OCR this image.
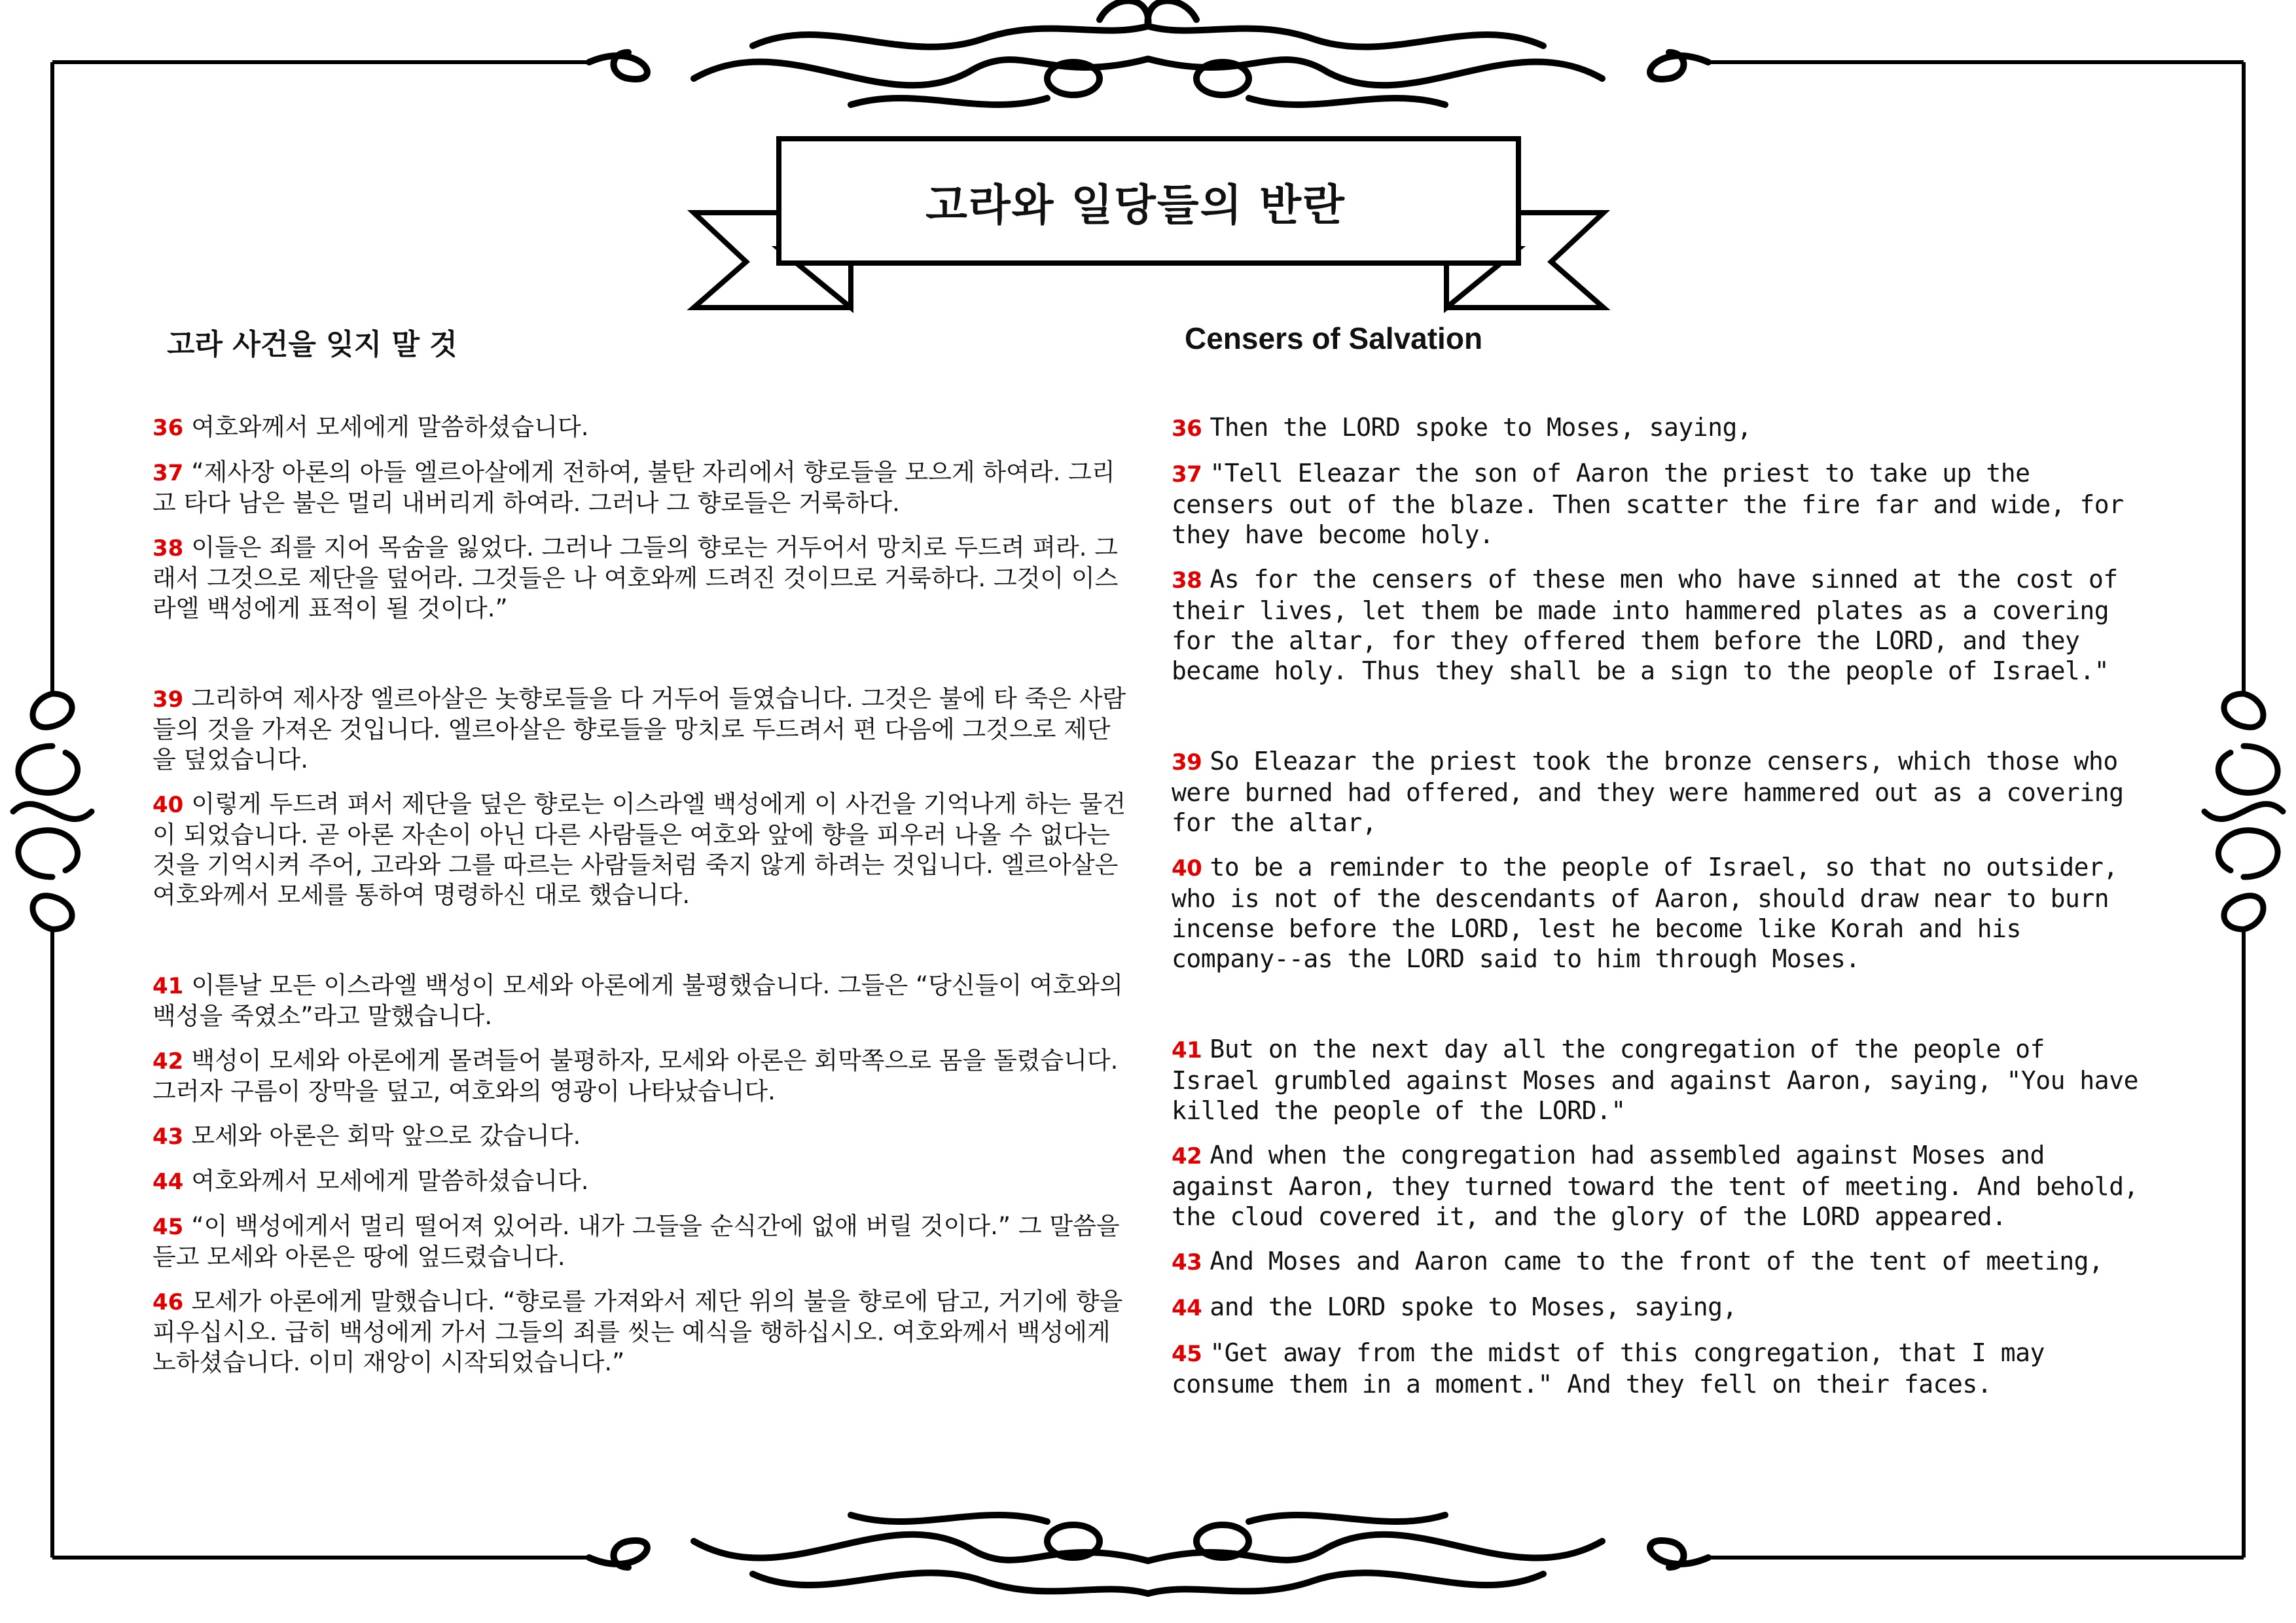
고라와 일당들의 반란
고라 사건을 잊지 말 것	Censers of Salvation

36 여호와께서 모세에게 말씀하셨습니다.

37 “제사장 아론의 아들 엘르아살에게 전하여, 불탄 자리에서 향로들을 모으게 하여라. 그리고 타다 남은 불은 멀리 내버리게 하여라. 그러나 그 향로들은 거룩하다.

38 이들은 죄를 지어 목숨을 잃었다. 그러나 그들의 향로는 거두어서 망치로 두드려 펴라. 그래서 그것으로 제단을 덮어라. 그것들은 나 여호와께 드려진 것이므로 거룩하다. 그것이 이스라엘 백성에게 표적이 될 것이다.”

39 그리하여 제사장 엘르아살은 놋향로들을 다 거두어 들였습니다. 그것은 불에 타 죽은 사람들의 것을 가져온 것입니다. 엘르아살은 향로들을 망치로 두드려서 편 다음에 그것으로 제단을 덮었습니다.

40 이렇게 두드려 펴서 제단을 덮은 향로는 이스라엘 백성에게 이 사건을 기억나게 하는 물건이 되었습니다. 곧 아론 자손이 아닌 다른 사람들은 여호와 앞에 향을 피우러 나올 수 없다는 것을 기억시켜 주어, 고라와 그를 따르는 사람들처럼 죽지 않게 하려는 것입니다. 엘르아살은 여호와께서 모세를 통하여 명령하신 대로 했습니다.

41 이튿날 모든 이스라엘 백성이 모세와 아론에게 불평했습니다. 그들은 “당신들이 여호와의 백성을 죽였소”라고 말했습니다.

42 백성이 모세와 아론에게 몰려들어 불평하자, 모세와 아론은 회막쪽으로 몸을 돌렸습니다. 그러자 구름이 장막을 덮고, 여호와의 영광이 나타났습니다.

43 모세와 아론은 회막 앞으로 갔습니다.

44 여호와께서 모세에게 말씀하셨습니다.

45 “이 백성에게서 멀리 떨어져 있어라. 내가 그들을 순식간에 없애 버릴 것이다.” 그 말씀을 듣고 모세와 아론은 땅에 엎드렸습니다.

46 모세가 아론에게 말했습니다. “향로를 가져와서 제단 위의 불을 향로에 담고, 거기에 향을 피우십시오. 급히 백성에게 가서 그들의 죄를 씻는 예식을 행하십시오. 여호와께서 백성에게 노하셨습니다. 이미 재앙이 시작되었습니다.”

36 Then the LORD spoke to Moses, saying,

37 "Tell Eleazar the son of Aaron the priest to take up the censers out of the blaze. Then scatter the fire far and wide, for they have become holy.

38 As for the censers of these men who have sinned at the cost of their lives, let them be made into hammered plates as a covering for the altar, for they offered them before the LORD, and they became holy. Thus they shall be a sign to the people of Israel."

39 So Eleazar the priest took the bronze censers, which those who were burned had offered, and they were hammered out as a covering for the altar,

40 to be a reminder to the people of Israel, so that no outsider, who is not of the descendants of Aaron, should draw near to burn incense before the LORD, lest he become like Korah and his company--as the LORD said to him through Moses.

41 But on the next day all the congregation of the people of Israel grumbled against Moses and against Aaron, saying, "You have killed the people of the LORD."

42 And when the congregation had assembled against Moses and against Aaron, they turned toward the tent of meeting. And behold, the cloud covered it, and the glory of the LORD appeared.

43 And Moses and Aaron came to the front of the tent of meeting,

44 and the LORD spoke to Moses, saying,

45 "Get away from the midst of this congregation, that I may consume them in a moment." And they fell on their faces.
